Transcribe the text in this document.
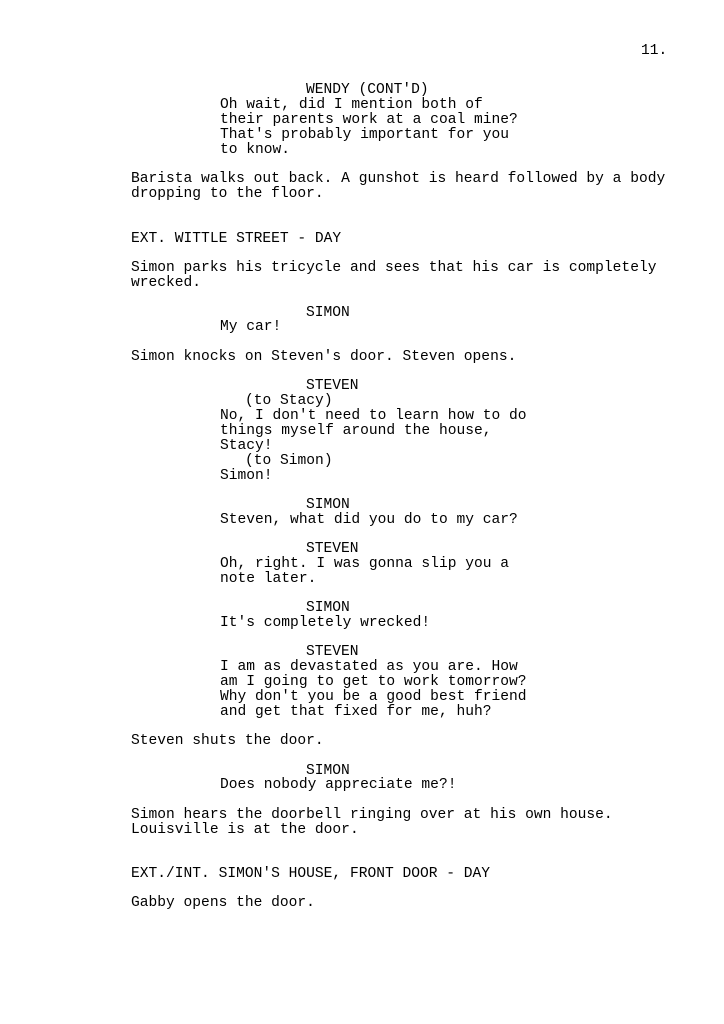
11.
WENDY (CONT'D)
Oh wait, did I mention both of
their parents work at a coal mine?
That's probably important for you
to know.
Barista walks out back. A gunshot is heard followed by a body
dropping to the floor.
EXT. WITTLE STREET - DAY
Simon parks his tricycle and sees that his car is completely
wrecked.
SIMON
My car!
Simon knocks on Steven's door. Steven opens.
STEVEN
(to Stacy)
No, I don't need to learn how to do
things myself around the house,
Stacy!
(to Simon)
Simon!
SIMON
Steven, what did you do to my car?
STEVEN
Oh, right. I was gonna slip you a
note later.
SIMON
It's completely wrecked!
STEVEN
I am as devastated as you are. How
am I going to get to work tomorrow?
Why don't you be a good best friend
and get that fixed for me, huh?
Steven shuts the door.
SIMON
Does nobody appreciate me?!
Simon hears the doorbell ringing over at his own house.
Louisville is at the door.
EXT./INT. SIMON'S HOUSE, FRONT DOOR - DAY
Gabby opens the door.
